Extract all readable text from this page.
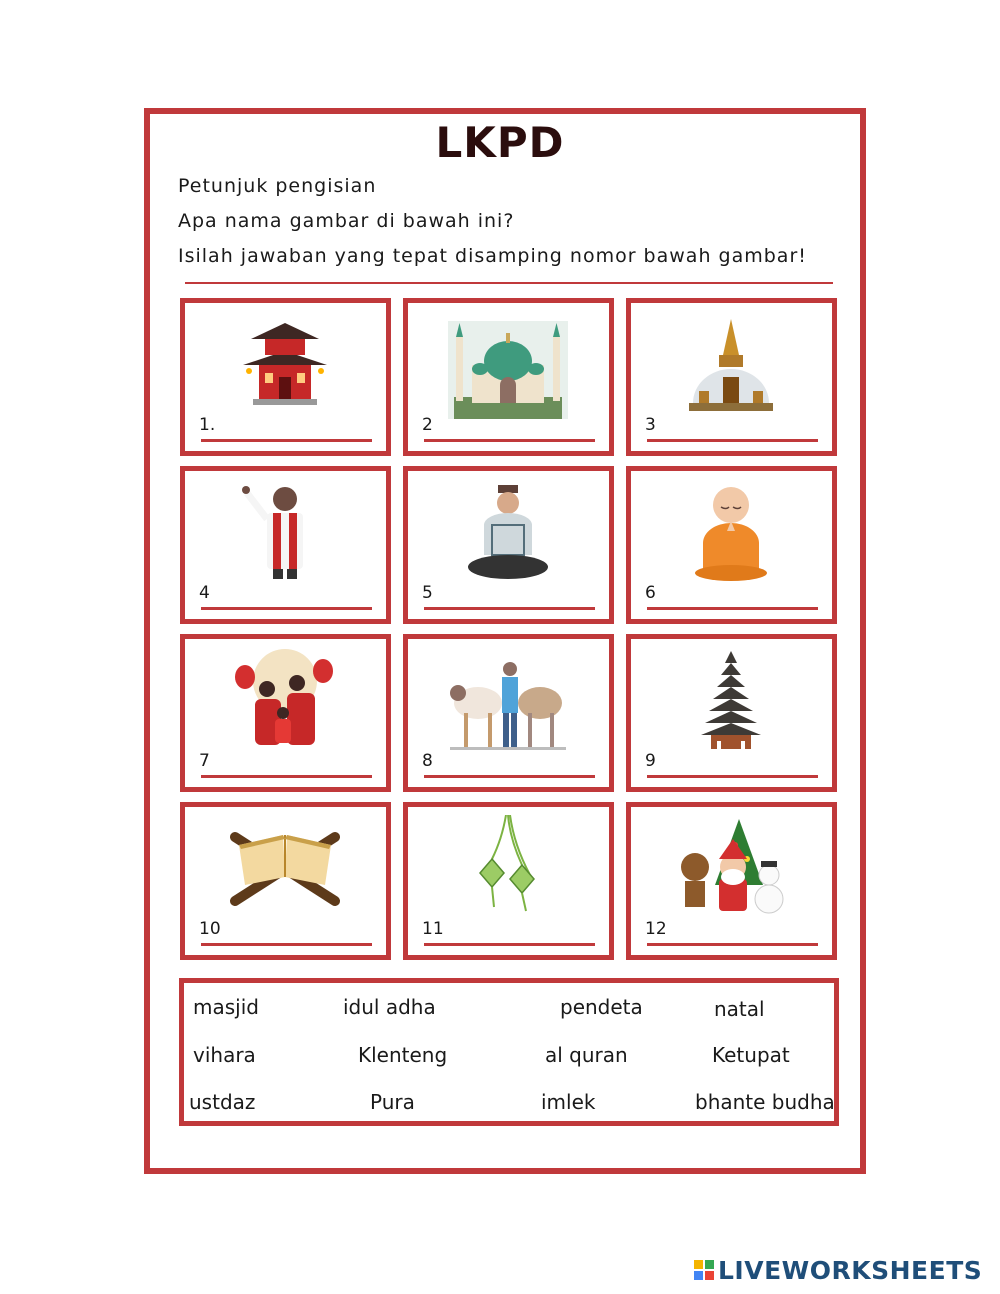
LKPD
Petunjuk pengisian
Apa nama gambar di bawah ini?
Isilah jawaban yang tepat disamping nomor bawah gambar!
1.	2	3
4	5	6
7	8	9
10	11	12
masjid	idul adha	pendeta	natal
vihara	Klenteng	al quran	Ketupat
ustdaz	Pura	imlek	bhante budha
LIVEWORKSHEETS
